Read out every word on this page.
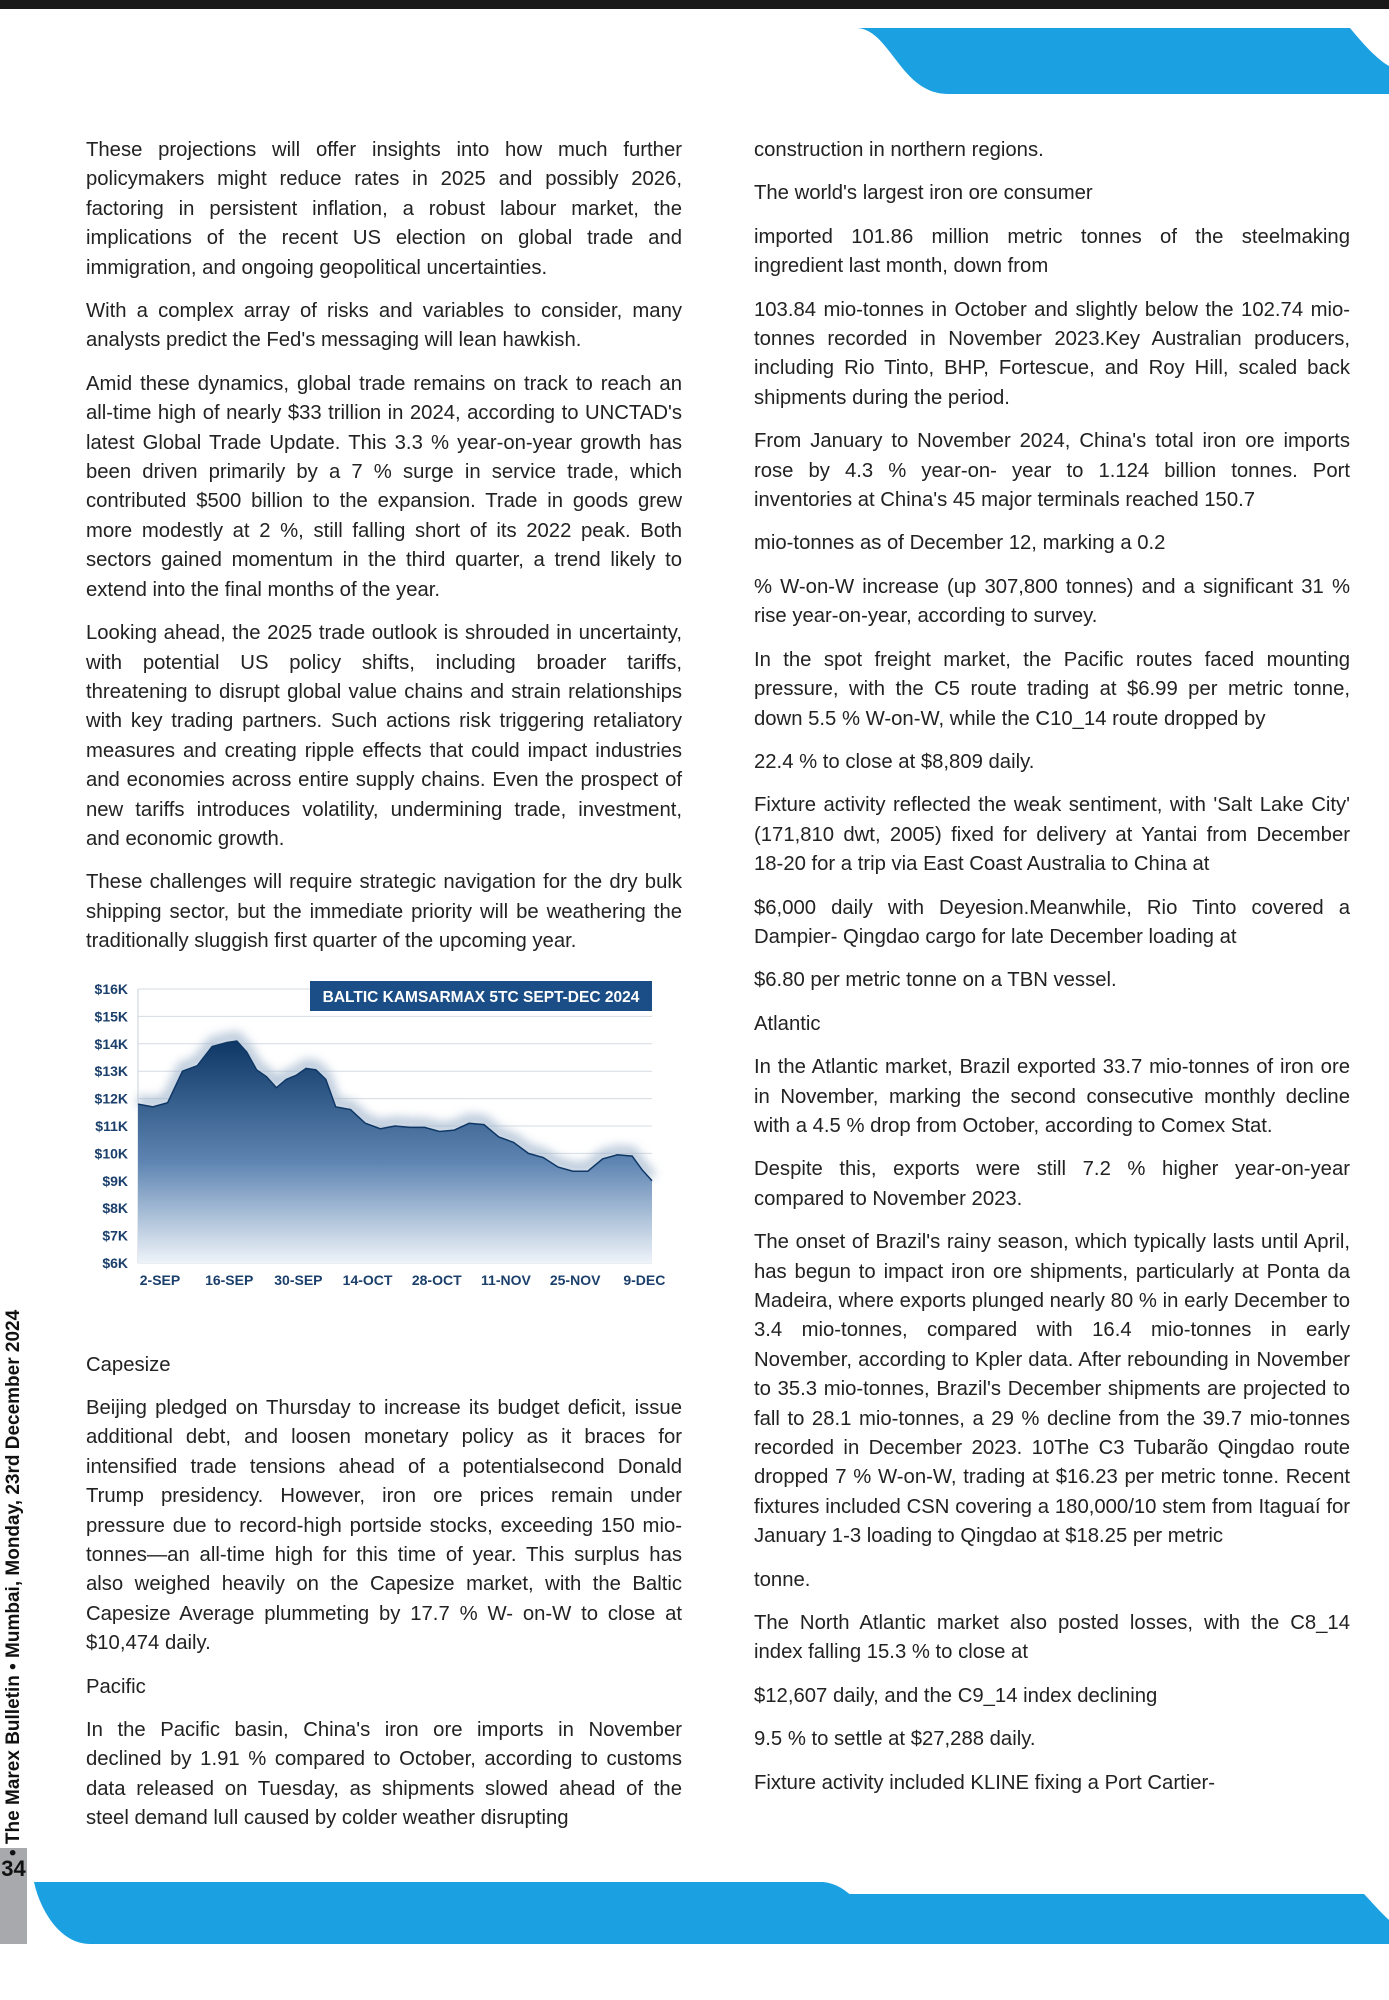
These projections will offer insights into how much further policymakers might reduce rates in 2025 and possibly 2026, factoring in persistent inflation, a robust labour market, the implications of the recent US election on global trade and immigration, and ongoing geopolitical uncertainties.

With a complex array of risks and variables to consider, many analysts predict the Fed's messaging will lean hawkish.

Amid these dynamics, global trade remains on track to reach an all-time high of nearly $33 trillion in 2024, according to UNCTAD's latest Global Trade Update. This 3.3 % year-on-year growth has been driven primarily by a 7 % surge in service trade, which contributed $500 billion to the expansion. Trade in goods grew more modestly at 2 %, still falling short of its 2022 peak. Both sectors gained momentum in the third quarter, a trend likely to extend into the final months of the year.

Looking ahead, the 2025 trade outlook is shrouded in uncertainty, with potential US policy shifts, including broader tariffs, threatening to disrupt global value chains and strain relationships with key trading partners. Such actions risk triggering retaliatory measures and creating ripple effects that could impact industries and economies across entire supply chains. Even the prospect of new tariffs introduces volatility, undermining trade, investment, and economic growth.

These challenges will require strategic navigation for the dry bulk shipping sector, but the immediate priority will be weathering the traditionally sluggish first quarter of the upcoming year.

$16K
$15K
$14K
$13K
$12K
$11K
$10K
$9K
$8K
$7K
$6K
2-SEP 16-SEP 30-SEP 14-OCT 28-OCT 11-NOV 25-NOV 9-DEC
BALTIC KAMSARMAX 5TC SEPT-DEC 2024

Capesize

Beijing pledged on Thursday to increase its budget deficit, issue additional debt, and loosen monetary policy as it braces for intensified trade tensions ahead of a potentialsecond Donald Trump presidency. However, iron ore prices remain under pressure due to record-high portside stocks, exceeding 150 mio-tonnes—an all-time high for this time of year. This surplus has also weighed heavily on the Capesize market, with the Baltic Capesize Average plummeting by 17.7 % W- on-W to close at $10,474 daily.

Pacific

In the Pacific basin, China's iron ore imports in November declined by 1.91 % compared to October, according to customs data released on Tuesday, as shipments slowed ahead of the steel demand lull caused by colder weather disrupting

construction in northern regions.

The world's largest iron ore consumer

imported 101.86 million metric tonnes of the steelmaking ingredient last month, down from

103.84 mio-tonnes in October and slightly below the 102.74 mio-tonnes recorded in November 2023.Key Australian producers, including Rio Tinto, BHP, Fortescue, and Roy Hill, scaled back shipments during the period.

From January to November 2024, China's total iron ore imports rose by 4.3 % year-on- year to 1.124 billion tonnes. Port inventories at China's 45 major terminals reached 150.7

mio-tonnes as of December 12, marking a 0.2

% W-on-W increase (up 307,800 tonnes) and a significant 31 % rise year-on-year, according to survey.

In the spot freight market, the Pacific routes faced mounting pressure, with the C5 route trading at $6.99 per metric tonne, down 5.5 % W-on-W, while the C10_14 route dropped by

22.4 % to close at $8,809 daily.

Fixture activity reflected the weak sentiment, with 'Salt Lake City' (171,810 dwt, 2005) fixed for delivery at Yantai from December 18-20 for a trip via East Coast Australia to China at

$6,000 daily with Deyesion.Meanwhile, Rio Tinto covered a Dampier- Qingdao cargo for late December loading at

$6.80 per metric tonne on a TBN vessel.

Atlantic

In the Atlantic market, Brazil exported 33.7 mio-tonnes of iron ore in November, marking the second consecutive monthly decline with a 4.5 % drop from October, according to Comex Stat.

Despite this, exports were still 7.2 % higher year-on-year compared to November 2023.

The onset of Brazil's rainy season, which typically lasts until April, has begun to impact iron ore shipments, particularly at Ponta da Madeira, where exports plunged nearly 80 % in early December to 3.4 mio-tonnes, compared with 16.4 mio-tonnes in early November, according to Kpler data. After rebounding in November to 35.3 mio-tonnes, Brazil's December shipments are projected to fall to 28.1 mio-tonnes, a 29 % decline from the 39.7 mio-tonnes recorded in December 2023. 10The C3 Tubarão Qingdao route dropped 7 % W-on-W, trading at $16.23 per metric tonne. Recent fixtures included CSN covering a 180,000/10 stem from Itaguaí for January 1-3 loading to Qingdao at $18.25 per metric

tonne.

The North Atlantic market also posted losses, with the C8_14 index falling 15.3 % to close at

$12,607 daily, and the C9_14 index declining

9.5 % to settle at $27,288 daily.

Fixture activity included KLINE fixing a Port Cartier-

• The Marex Bulletin • Mumbai, Monday, 23rd December 2024
34
